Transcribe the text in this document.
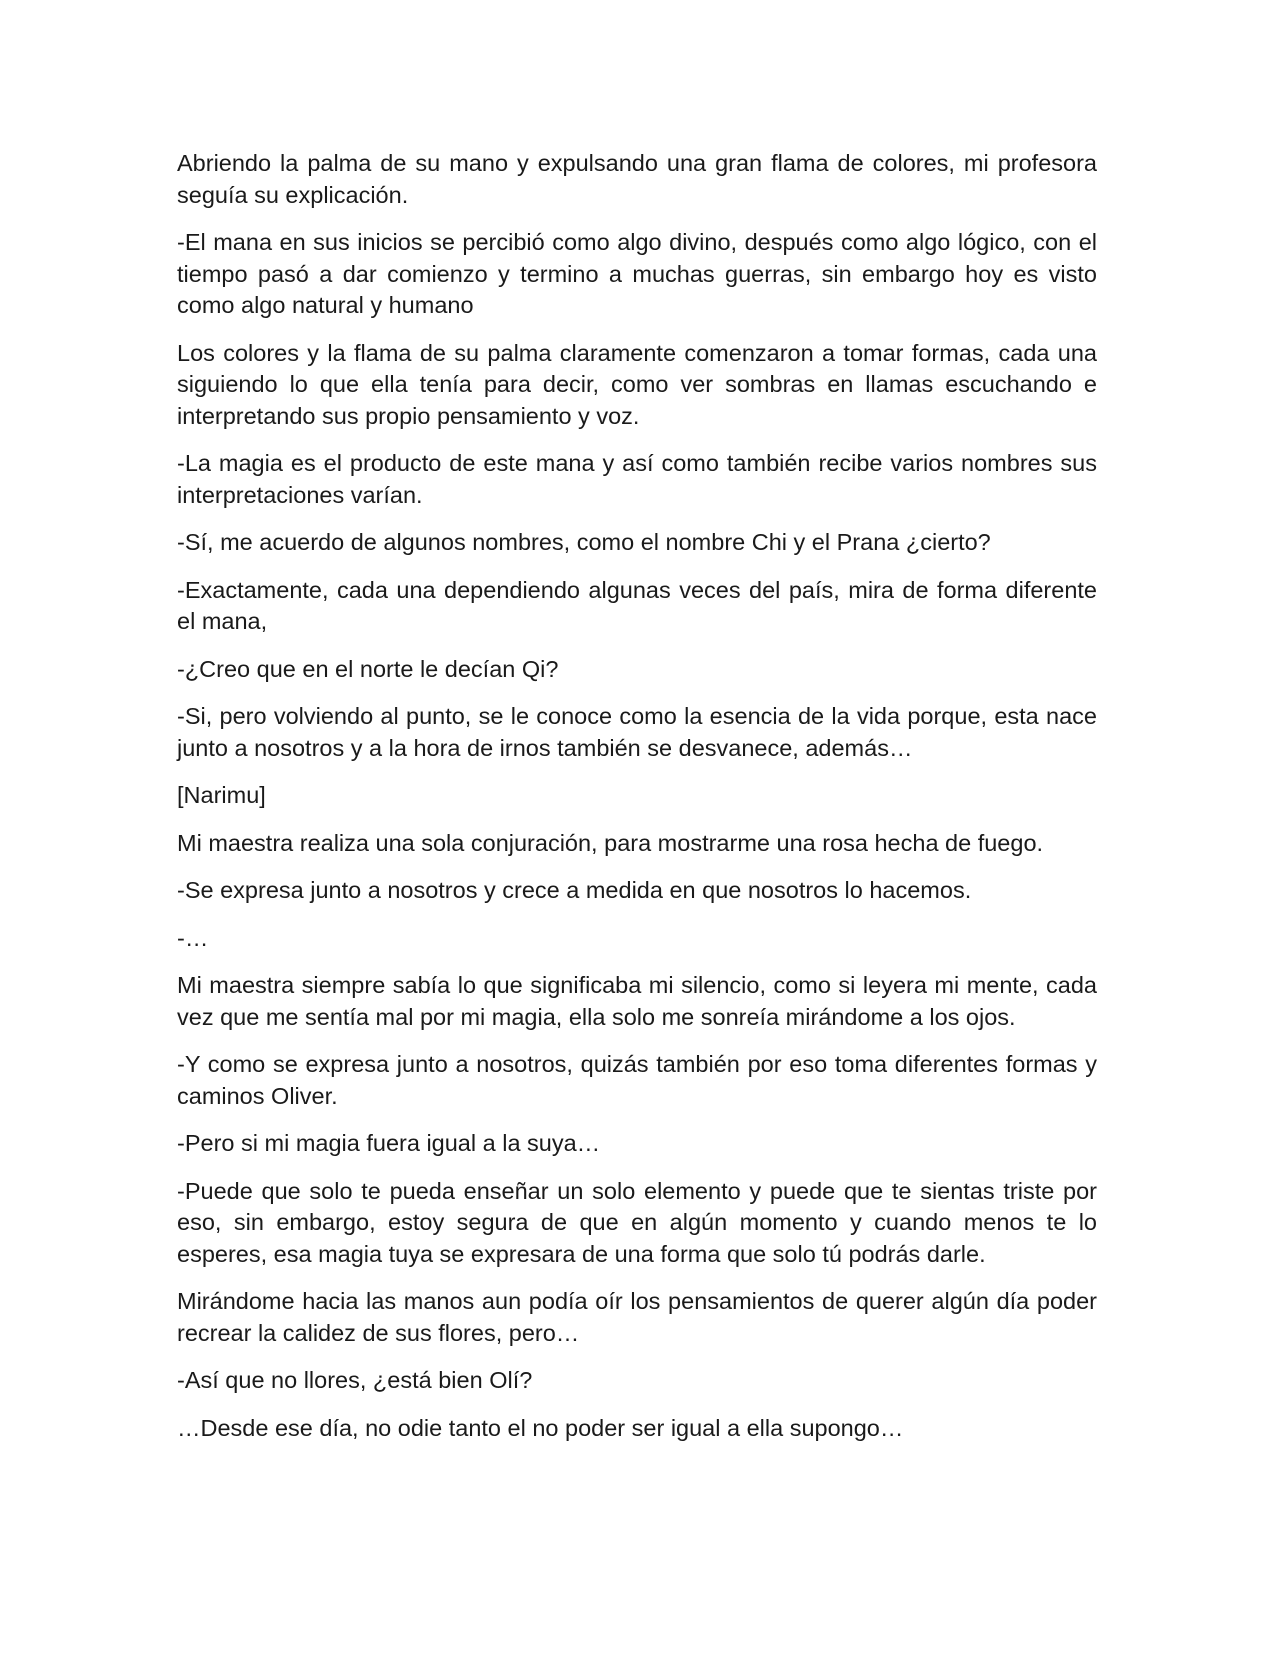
Abriendo la palma de su mano y expulsando una gran flama de colores, mi profesora seguía su explicación.

-El mana en sus inicios se percibió como algo divino, después como algo lógico, con el tiempo pasó a dar comienzo y termino a muchas guerras, sin embargo hoy es visto como algo natural y humano

Los colores y la flama de su palma claramente comenzaron a tomar formas, cada una siguiendo lo que ella tenía para decir, como ver sombras en llamas escuchando e interpretando sus propio pensamiento y voz.

-La magia es el producto de este mana y así como también recibe varios nombres sus interpretaciones varían.

-Sí, me acuerdo de algunos nombres, como el nombre Chi y el Prana ¿cierto?

-Exactamente, cada una dependiendo algunas veces del país, mira de forma diferente el mana,

-¿Creo que en el norte le decían Qi?

-Si, pero volviendo al punto, se le conoce como la esencia de la vida porque, esta nace junto a nosotros y a la hora de irnos también se desvanece, además…

[Narimu]

Mi maestra realiza una sola conjuración, para mostrarme una rosa hecha de fuego.

-Se expresa junto a nosotros y crece a medida en que nosotros lo hacemos.

-…

Mi maestra siempre sabía lo que significaba mi silencio, como si leyera mi mente, cada vez que me sentía mal por mi magia, ella solo me sonreía mirándome a los ojos.

-Y como se expresa junto a nosotros, quizás también por eso toma diferentes formas y caminos Oliver.

-Pero si mi magia fuera igual a la suya…

-Puede que solo te pueda enseñar un solo elemento y puede que te sientas triste por eso, sin embargo, estoy segura de que en algún momento y cuando menos te lo esperes, esa magia tuya se expresara de una forma que solo tú podrás darle.

Mirándome hacia las manos aun podía oír los pensamientos de querer algún día poder recrear la calidez de sus flores, pero…

-Así que no llores, ¿está bien Olí?

…Desde ese día, no odie tanto el no poder ser igual a ella supongo…
